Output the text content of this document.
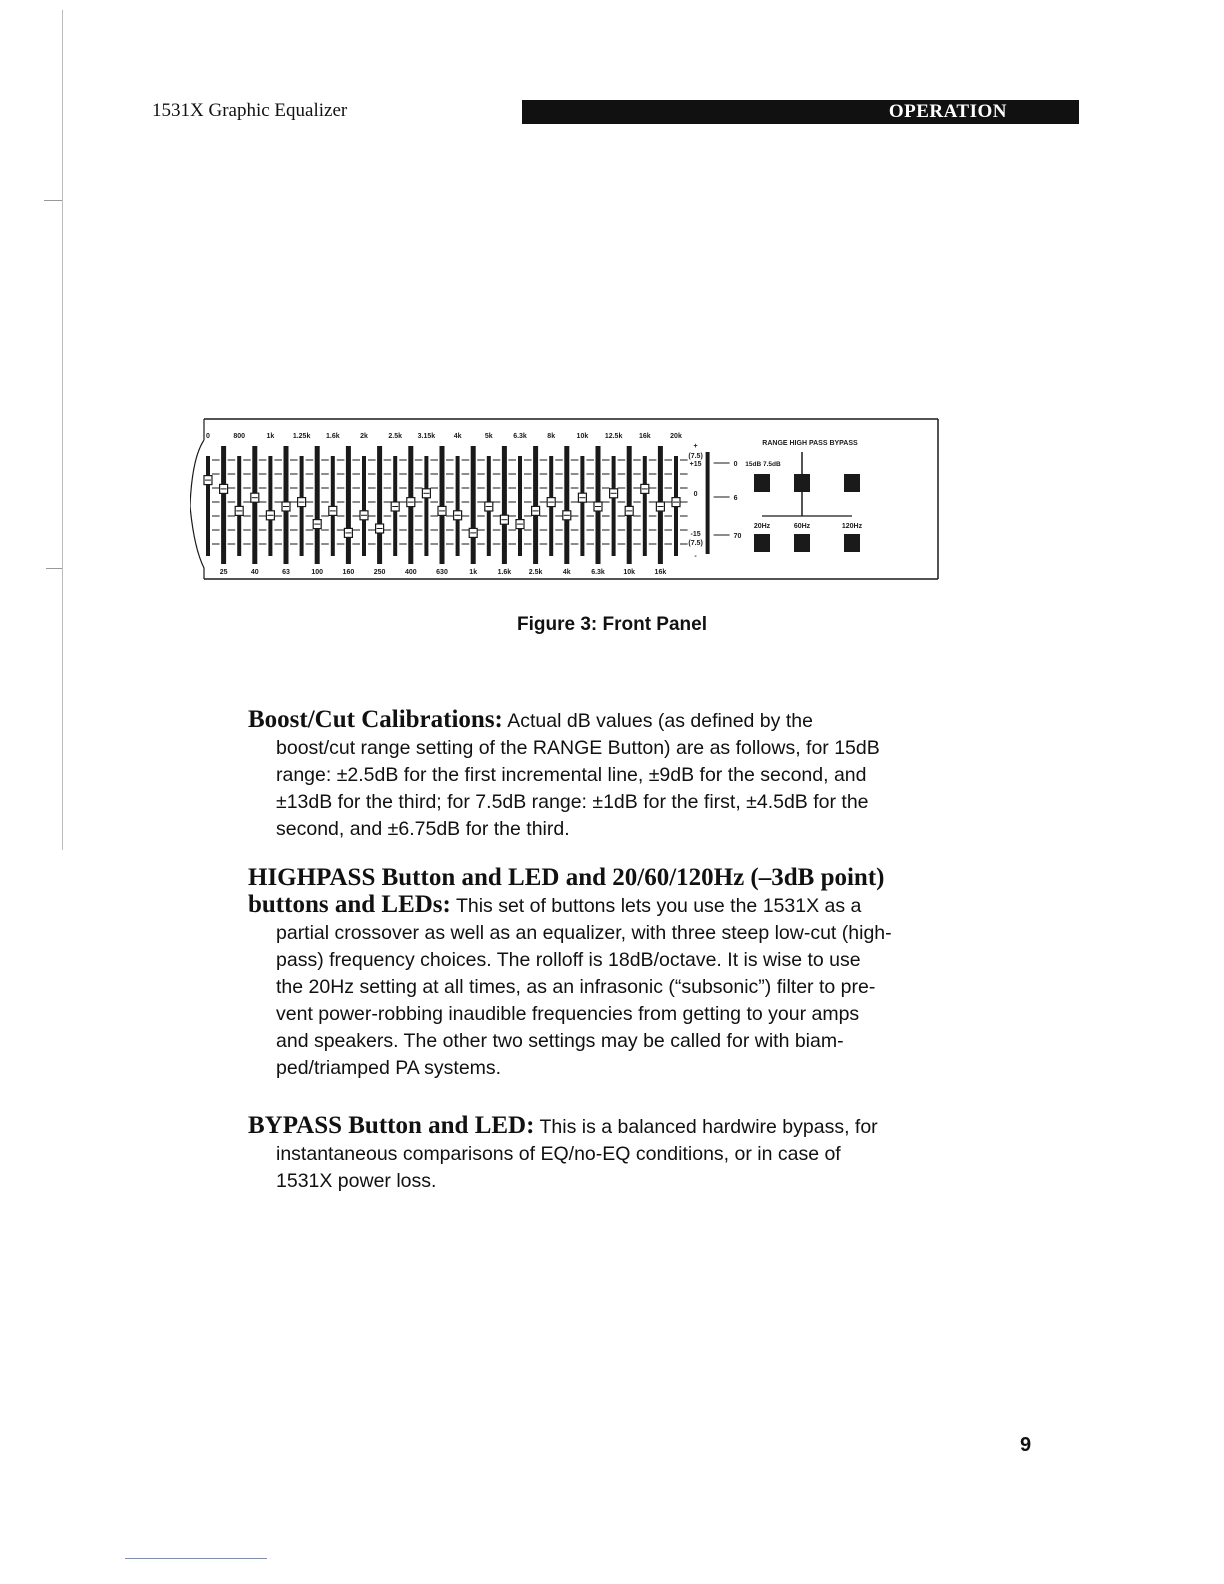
1531X Graphic Equalizer	OPERATION
0	800	1k	1.25k 1.6k	2k	2.5k 3.15k	4k	5k	6.3k	8k	10k 12.5k 16k	20k
25	40	63	100	160	250	400	630	1k	1.6k	2.5k	4k	6.3k	10k	16k
+
(7.5)
+15
0
-15
(7.5)
-
0
6
70
RANGE HIGH PASS BYPASS
15dB 7.5dB
20Hz	60Hz	120Hz
Figure 3: Front Panel
Boost/Cut Calibrations: Actual dB values (as defined by the
boost/cut range setting of the RANGE Button) are as follows, for 15dB
range: ±2.5dB for the first incremental line, ±9dB for the second, and
±13dB for the third; for 7.5dB range: ±1dB for the first, ±4.5dB for the
second, and ±6.75dB for the third.
HIGHPASS Button and LED and 20/60/120Hz (–3dB point)
buttons and LEDs: This set of buttons lets you use the 1531X as a
partial crossover as well as an equalizer, with three steep low-cut (high-
pass) frequency choices. The rolloff is 18dB/octave. It is wise to use
the 20Hz setting at all times, as an infrasonic (“subsonic”) filter to pre-
vent power-robbing inaudible frequencies from getting to your amps
and speakers. The other two settings may be called for with biam-
ped/triamped PA systems.
BYPASS Button and LED: This is a balanced hardwire bypass, for
instantaneous comparisons of EQ/no-EQ conditions, or in case of
1531X power loss.
9
